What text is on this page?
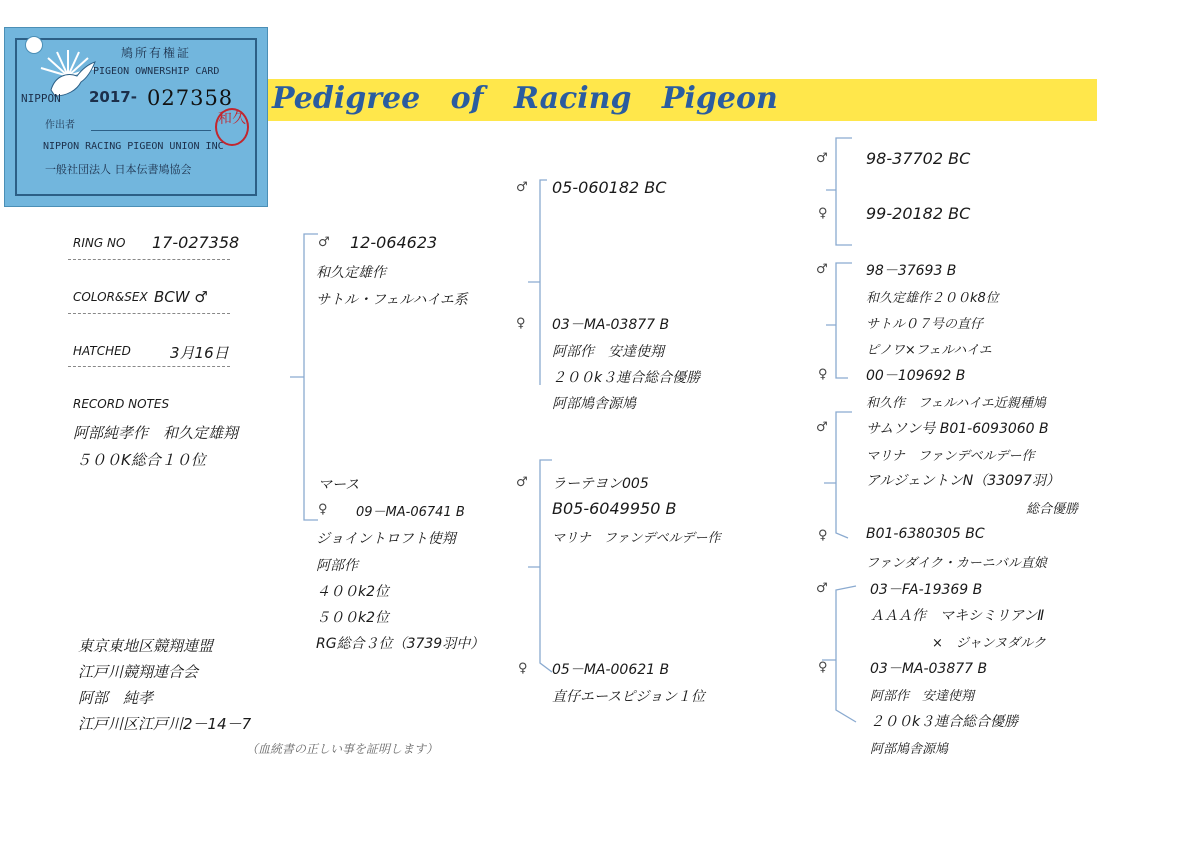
鳩所有権証
PIGEON OWNERSHIP CARD
NIPPON 2017- 027358
作出者
NIPPON RACING PIGEON UNION INC
一般社団法人 日本伝書鳩協会
和久
Pedigree of Racing Pigeon
RING NO 17-027358
COLOR&SEX BCW ♂
HATCHED	3月16日
RECORD NOTES
阿部純孝作　和久定雄翔
５００K総合１０位
東京東地区競翔連盟
江戸川競翔連合会
阿部　純孝
江戸川区江戸川2－14－7
（血統書の正しい事を証明します）
♂ 12-064623
和久定雄作
サトル・フェルハイエ系
マース
♀ 09－MA-06741 B
ジョイントロフト使翔
阿部作
４００k2位
５００k2位
RG総合３位（3739羽中）
♂ 05-060182 BC
♀ 03－MA-03877 B
阿部作　安達使翔
２００k３連合総合優勝
阿部鳩舎源鳩
♂ ラーテヨン005
B05-6049950 B
マリナ　ファンデベルデー作
♀ 05－MA-00621 B
直仔エースピジョン１位
♂ 98-37702 BC
♀ 99-20182 BC
♂	98－37693 B
和久定雄作２００k8位
サトル０７号の直仔
ピノワ×フェルハイエ
♀	00－109692 B
和久作　フェルハイエ近親種鳩
♂	サムソン号 B01-6093060 B
マリナ　ファンデベルデー作
アルジェントンN（33097羽）
総合優勝
♀	B01-6380305 BC
ファンダイク・カーニバル直娘
♂	03－FA-19369 B
ＡＡＡ作　マキシミリアンⅡ
×　ジャンヌダルク
♀	03－MA-03877 B
阿部作　安達使翔
２００k３連合総合優勝
阿部鳩舎源鳩
